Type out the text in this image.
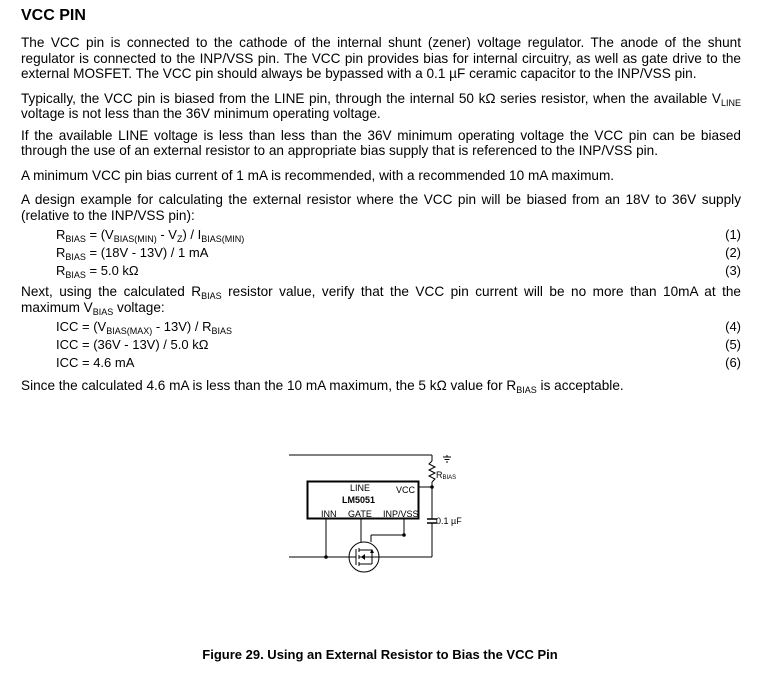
VCC PIN

The VCC pin is connected to the cathode of the internal shunt (zener) voltage regulator. The anode of the shunt regulator is connected to the INP/VSS pin. The VCC pin provides bias for internal circuitry, as well as gate drive to the external MOSFET. The VCC pin should always be bypassed with a 0.1 µF ceramic capacitor to the INP/VSS pin.

Typically, the VCC pin is biased from the LINE pin, through the internal 50 kΩ series resistor, when the available $V_{LINE}$ voltage is not less than the 36V minimum operating voltage.

If the available LINE voltage is less than less than the 36V minimum operating voltage the VCC pin can be biased through the use of an external resistor to an appropriate bias supply that is referenced to the INP/VSS pin.

A minimum VCC pin bias current of 1 mA is recommended, with a recommended 10 mA maximum.

A design example for calculating the external resistor where the VCC pin will be biased from an 18V to 36V supply (relative to the INP/VSS pin):

$R_{BIAS} = (V_{BIAS(MIN)} - V_Z) / I_{BIAS(MIN)}$	(1)
$R_{BIAS} = (18V - 13V) / 1$ mA	(2)
$R_{BIAS} = 5.0$ kΩ	(3)

Next, using the calculated $R_{BIAS}$ resistor value, verify that the VCC pin current will be no more than 10mA at the maximum $V_{BIAS}$ voltage:

ICC = $(V_{BIAS(MAX)} - 13V) / R_{BIAS}$	(4)
ICC = (36V - 13V) / 5.0 kΩ	(5)
ICC = 4.6 mA	(6)

Since the calculated 4.6 mA is less than the 10 mA maximum, the 5 kΩ value for $R_{BIAS}$ is acceptable.

RBIAS
LINE	VCC
LM5051
INN GATE INP/VSS
0.1 µF
Figure 29. Using an External Resistor to Bias the VCC Pin
